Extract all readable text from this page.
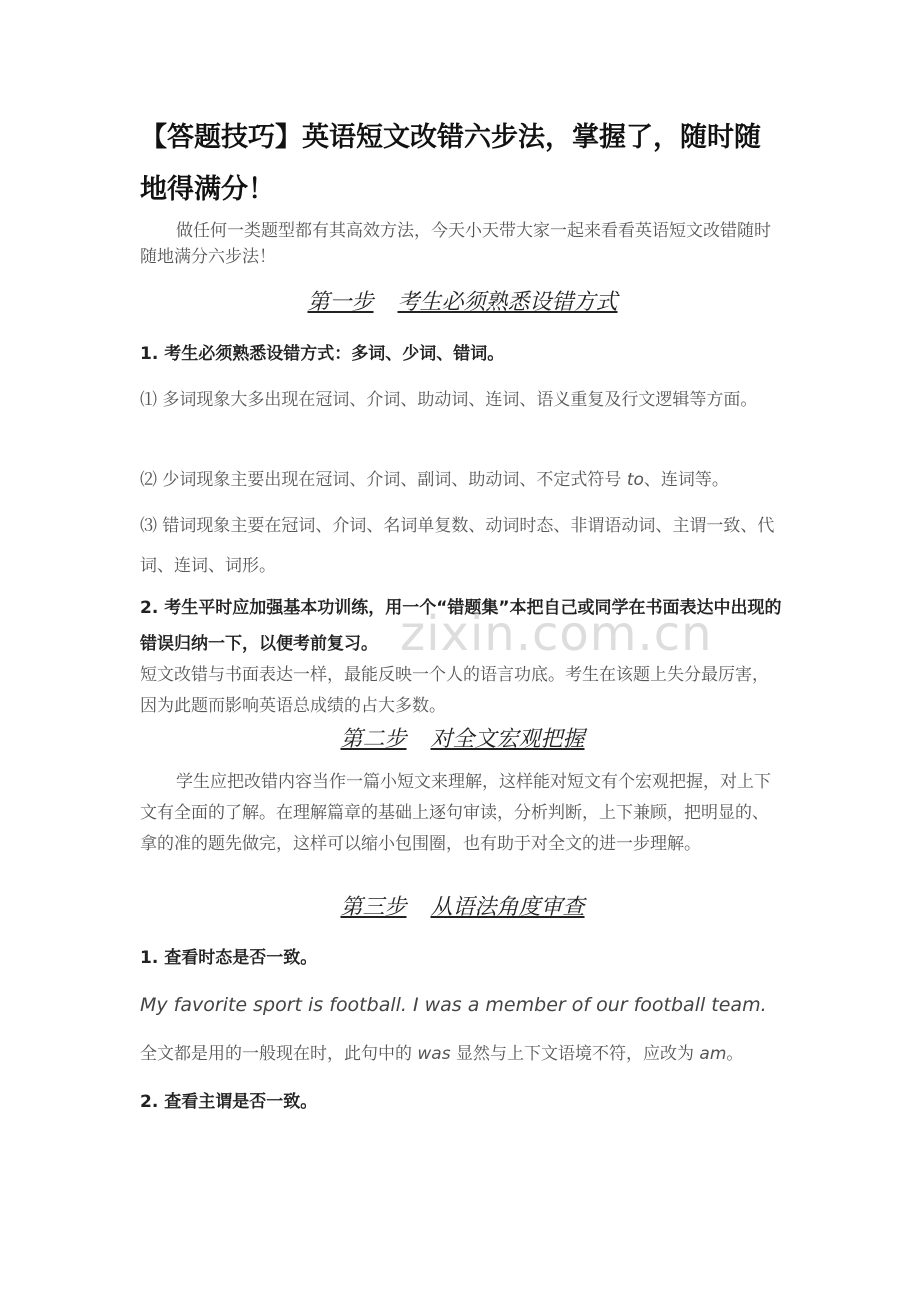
【答题技巧】英语短文改错六步法，掌握了，随时随地得满分！

做任何一类题型都有其高效方法，今天小天带大家一起来看看英语短文改错随时随地满分六步法！

第一步 考生必须熟悉设错方式

1. 考生必须熟悉设错方式：多词、少词、错词。

⑴ 多词现象大多出现在冠词、介词、助动词、连词、语义重复及行文逻辑等方面。

⑵ 少词现象主要出现在冠词、介词、副词、助动词、不定式符号 to、连词等。

⑶ 错词现象主要在冠词、介词、名词单复数、动词时态、非谓语动词、主谓一致、代词、连词、词形。

2. 考生平时应加强基本功训练，用一个“错题集”本把自己或同学在书面表达中出现的错误归纳一下，以便考前复习。

短文改错与书面表达一样，最能反映一个人的语言功底。考生在该题上失分最厉害，因为此题而影响英语总成绩的占大多数。

第二步 对全文宏观把握

学生应把改错内容当作一篇小短文来理解，这样能对短文有个宏观把握，对上下文有全面的了解。在理解篇章的基础上逐句审读，分析判断，上下兼顾，把明显的、拿的准的题先做完，这样可以缩小包围圈，也有助于对全文的进一步理解。

第三步 从语法角度审查

1. 查看时态是否一致。

My favorite sport is football. I was a member of our football team.

全文都是用的一般现在时，此句中的 was 显然与上下文语境不符，应改为 am。

2. 查看主谓是否一致。

zixin.com.cn
